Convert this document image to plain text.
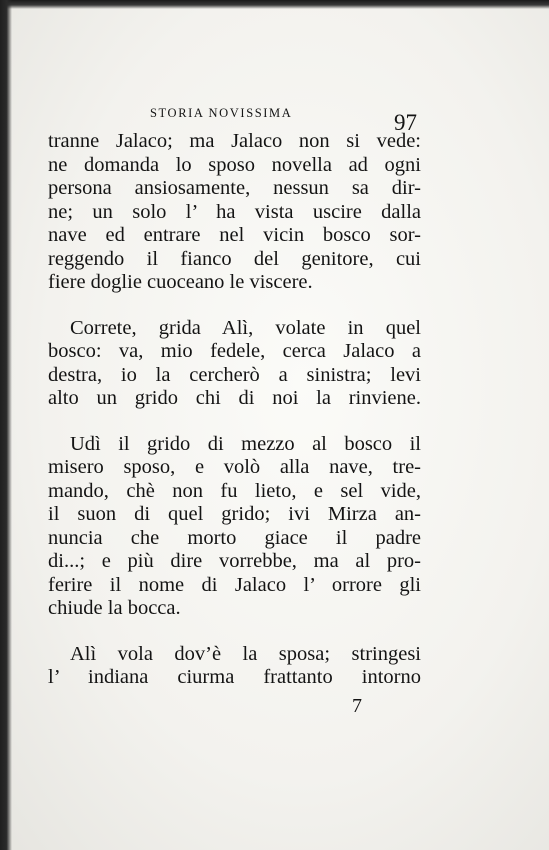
STORIA NOVISSIMA	97
tranne Jalaco; ma Jalaco non si vede:
ne domanda lo sposo novella ad ogni
persona ansiosamente, nessun sa dir-
ne; un solo l’ ha vista uscire dalla
nave ed entrare nel vicin bosco sor-
reggendo il fianco del genitore, cui
fiere doglie cuoceano le viscere.
Correte, grida Alì, volate in quel
bosco: va, mio fedele, cerca Jalaco a
destra, io la cercherò a sinistra; levi
alto un grido chi di noi la rinviene.
Udì il grido di mezzo al bosco il
misero sposo, e volò alla nave, tre-
mando, chè non fu lieto, e sel vide,
il suon di quel grido; ivi Mirza an-
nuncia che morto giace il padre
di...; e più dire vorrebbe, ma al pro-
ferire il nome di Jalaco l’ orrore gli
chiude la bocca.
Alì vola dov’è la sposa; stringesi
l’ indiana ciurma frattanto intorno
7
